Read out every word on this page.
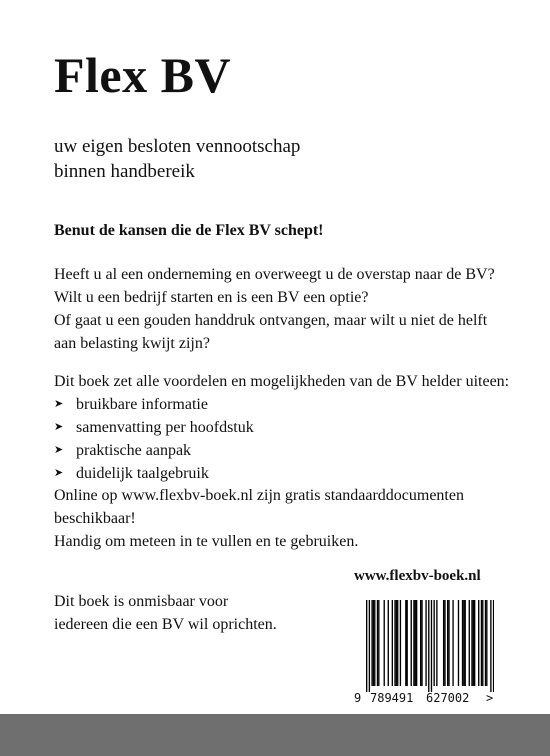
Flex BV
uw eigen besloten vennootschap
binnen handbereik
Benut de kansen die de Flex BV schept!
Heeft u al een onderneming en overweegt u de overstap naar de BV?
Wilt u een bedrijf starten en is een BV een optie?
Of gaat u een gouden handdruk ontvangen, maar wilt u niet de helft
aan belasting kwijt zijn?
Dit boek zet alle voordelen en mogelijkheden van de BV helder uiteen:
➤ bruikbare informatie
➤ samenvatting per hoofdstuk
➤ praktische aanpak
➤ duidelijk taalgebruik
Online op www.flexbv-boek.nl zijn gratis standaarddocumenten
beschikbaar!
Handig om meteen in te vullen en te gebruiken.
www.flexbv-boek.nl
Dit boek is onmisbaar voor
iedereen die een BV wil oprichten.
9 789491 627002 >
